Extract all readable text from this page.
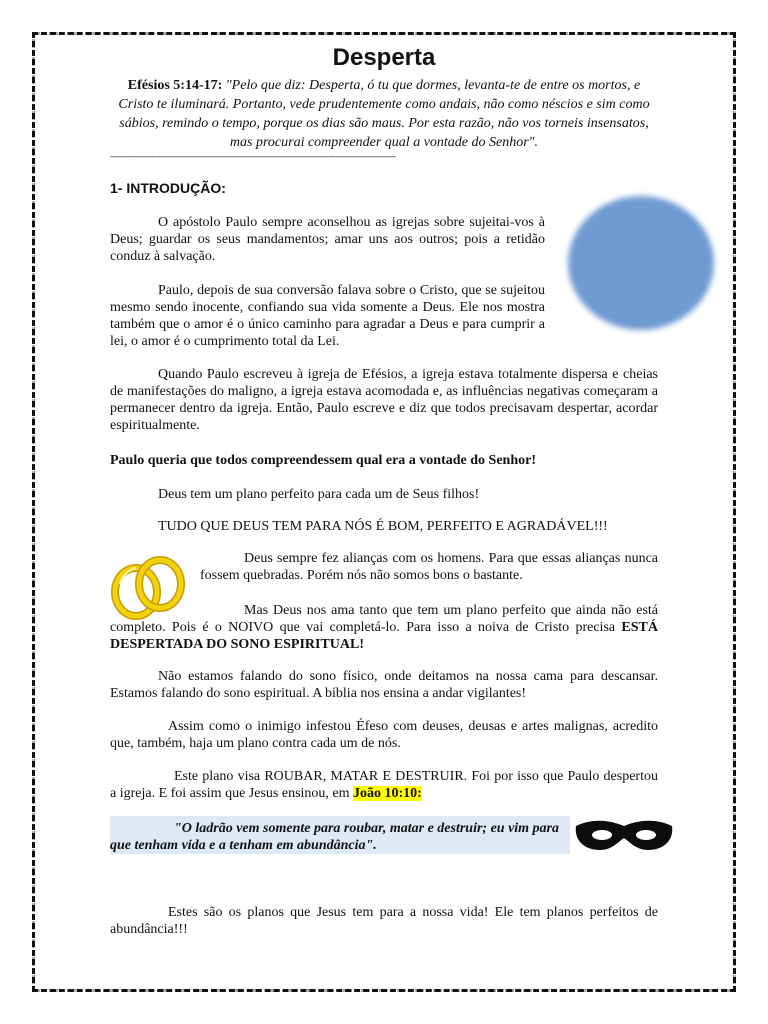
Desperta
Efésios 5:14-17: "Pelo que diz: Desperta, ó tu que dormes, levanta-te de entre os mortos, e Cristo te iluminará. Portanto, vede prudentemente como andais, não como néscios e sim como sábios, remindo o tempo, porque os dias são maus. Por esta razão, não vos torneis insensatos, mas procurai compreender qual a vontade do Senhor".
------------------------------------------------------------------------------------------------------------------------------------
1- INTRODUÇÃO:

O apóstolo Paulo sempre aconselhou as igrejas sobre sujeitai-vos à Deus; guardar os seus mandamentos; amar uns aos outros; pois a retidão conduz à salvação.

Paulo, depois de sua conversão falava sobre o Cristo, que se sujeitou mesmo sendo inocente, confiando sua vida somente a Deus. Ele nos mostra também que o amor é o único caminho para agradar a Deus e para cumprir a lei, o amor é o cumprimento total da Lei.

Quando Paulo escreveu à igreja de Efésios, a igreja estava totalmente dispersa e cheias de manifestações do maligno, a igreja estava acomodada e, as influências negativas começaram a permanecer dentro da igreja. Então, Paulo escreve e diz que todos precisavam despertar, acordar espiritualmente.

Paulo queria que todos compreendessem qual era a vontade do Senhor!

Deus tem um plano perfeito para cada um de Seus filhos!

TUDO QUE DEUS TEM PARA NÓS É BOM, PERFEITO E AGRADÁVEL!!!

Deus sempre fez alianças com os homens. Para que essas alianças nunca fossem quebradas. Porém nós não somos bons o bastante.

Mas Deus nos ama tanto que tem um plano perfeito que ainda não está completo. Pois é o NOIVO que vai completá-lo. Para isso a noiva de Cristo precisa ESTÁ DESPERTADA DO SONO ESPIRITUAL!

Não estamos falando do sono físico, onde deitamos na nossa cama para descansar. Estamos falando do sono espiritual. A bíblia nos ensina a andar vigilantes!

Assim como o inimigo infestou Éfeso com deuses, deusas e artes malignas, acredito que, também, haja um plano contra cada um de nós.

Este plano visa ROUBAR, MATAR E DESTRUIR. Foi por isso que Paulo despertou a igreja. E foi assim que Jesus ensinou, em João 10:10:

"O ladrão vem somente para roubar, matar e destruir; eu vim para que tenham vida e a tenham em abundância".

Estes são os planos que Jesus tem para a nossa vida! Ele tem planos perfeitos de abundância!!!
